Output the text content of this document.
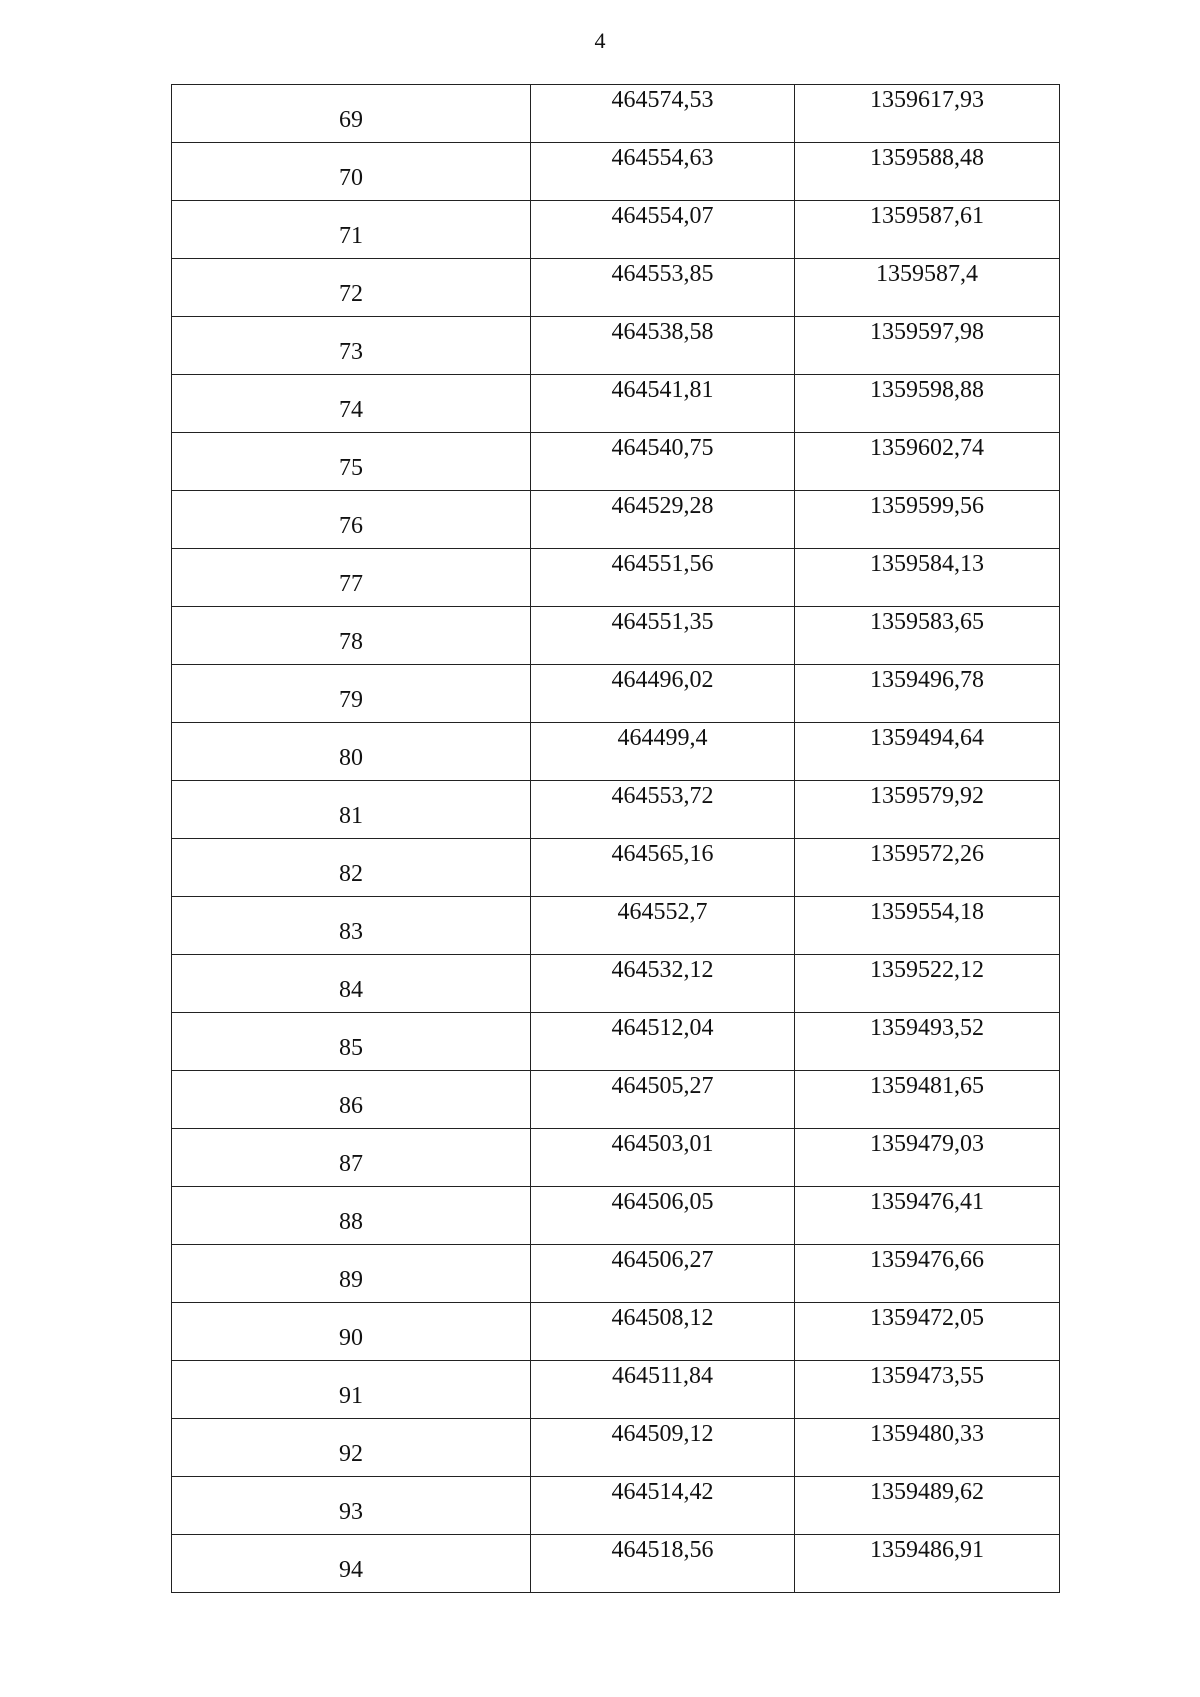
4
69	464574,53	1359617,93
70	464554,63	1359588,48
71	464554,07	1359587,61
72	464553,85	1359587,4
73	464538,58	1359597,98
74	464541,81	1359598,88
75	464540,75	1359602,74
76	464529,28	1359599,56
77	464551,56	1359584,13
78	464551,35	1359583,65
79	464496,02	1359496,78
80	464499,4	1359494,64
81	464553,72	1359579,92
82	464565,16	1359572,26
83	464552,7	1359554,18
84	464532,12	1359522,12
85	464512,04	1359493,52
86	464505,27	1359481,65
87	464503,01	1359479,03
88	464506,05	1359476,41
89	464506,27	1359476,66
90	464508,12	1359472,05
91	464511,84	1359473,55
92	464509,12	1359480,33
93	464514,42	1359489,62
94	464518,56	1359486,91
